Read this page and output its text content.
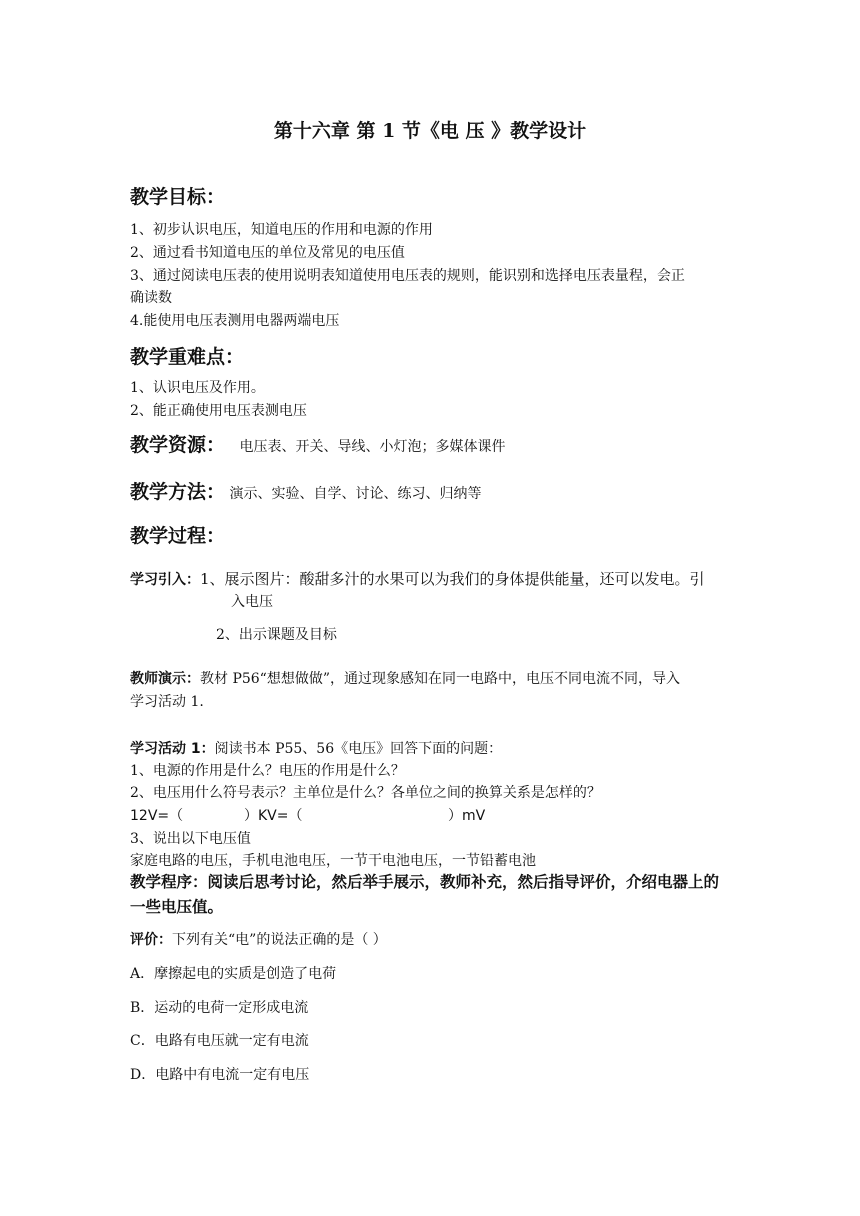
第十六章 第 1 节《电 压 》教学设计
教学目标：
1、初步认识电压，知道电压的作用和电源的作用
2、通过看书知道电压的单位及常见的电压值
3、通过阅读电压表的使用说明表知道使用电压表的规则，能识别和选择电压表量程，会正
确读数
4.能使用电压表测用电器两端电压
教学重难点：
1、认识电压及作用。
2、能正确使用电压表测电压
教学资源： 电压表、开关、导线、小灯泡；多媒体课件
教学方法： 演示、实验、自学、讨论、练习、归纳等
教学过程：
学习引入：1、展示图片：酸甜多汁的水果可以为我们的身体提供能量，还可以发电。引
入电压
2、出示课题及目标
教师演示：教材 P56“想想做做”，通过现象感知在同一电路中，电压不同电流不同，导入
学习活动 1.
学习活动 1：阅读书本 P55、56《电压》回答下面的问题：
1、电源的作用是什么？电压的作用是什么？
2、电压用什么符号表示？主单位是什么？各单位之间的换算关系是怎样的？
12V=（	）KV=（	）mV
3、说出以下电压值
家庭电路的电压，手机电池电压，一节干电池电压，一节铅蓄电池
教学程序：阅读后思考讨论，然后举手展示，教师补充，然后指导评价，介绍电器上的一些电压值。
评价：下列有关“电”的说法正确的是（ ）
A．摩擦起电的实质是创造了电荷
B．运动的电荷一定形成电流
C．电路有电压就一定有电流
D．电路中有电流一定有电压
